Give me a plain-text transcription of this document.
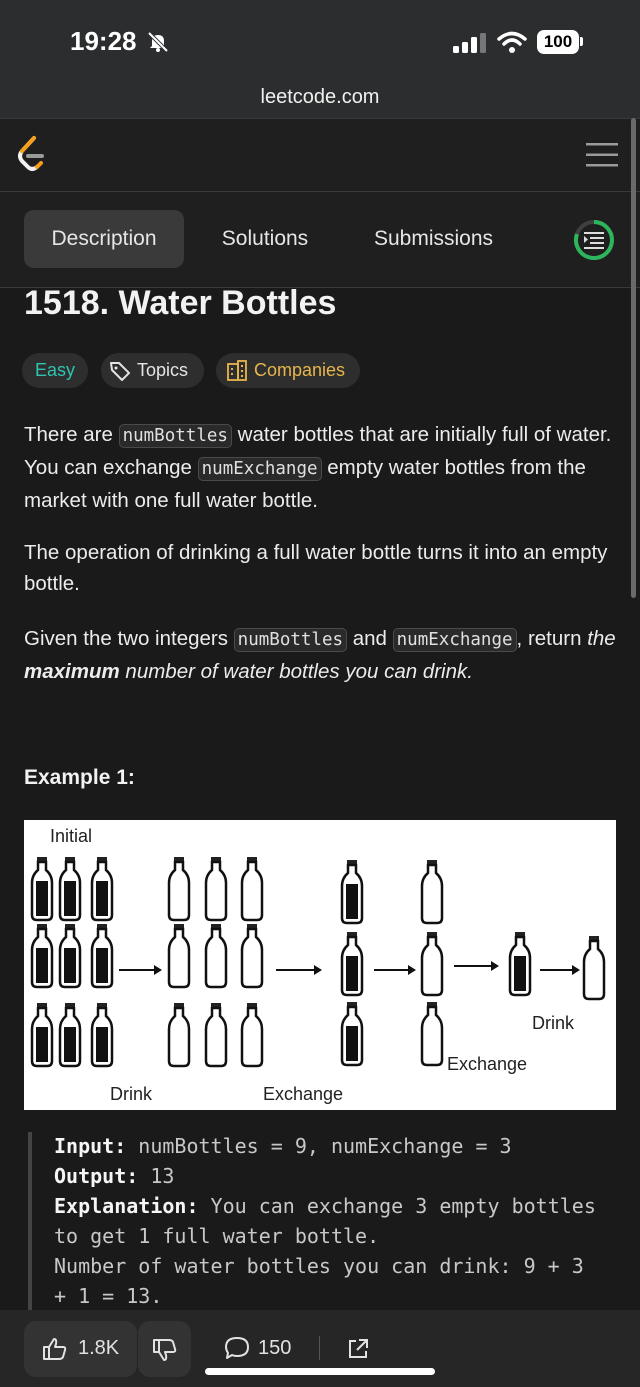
19:28	100
leetcode.com
Description	Solutions	Submissions
1518. Water Bottles
Easy	Topics	Companies
There are numBottles water bottles that are initially full of water. You can exchange numExchange empty water bottles from the market with one full water bottle.
The operation of drinking a full water bottle turns it into an empty bottle.
Given the two integers numBottles and numExchange , return the maximum number of water bottles you can drink.
Example 1:
Initial
Drink	Exchange
Exchange
Drink
Input: numBottles = 9, numExchange = 3
Output: 13
Explanation: You can exchange 3 empty bottles
to get 1 full water bottle.
Number of water bottles you can drink: 9 + 3
+ 1 = 13.
1.8K	150
